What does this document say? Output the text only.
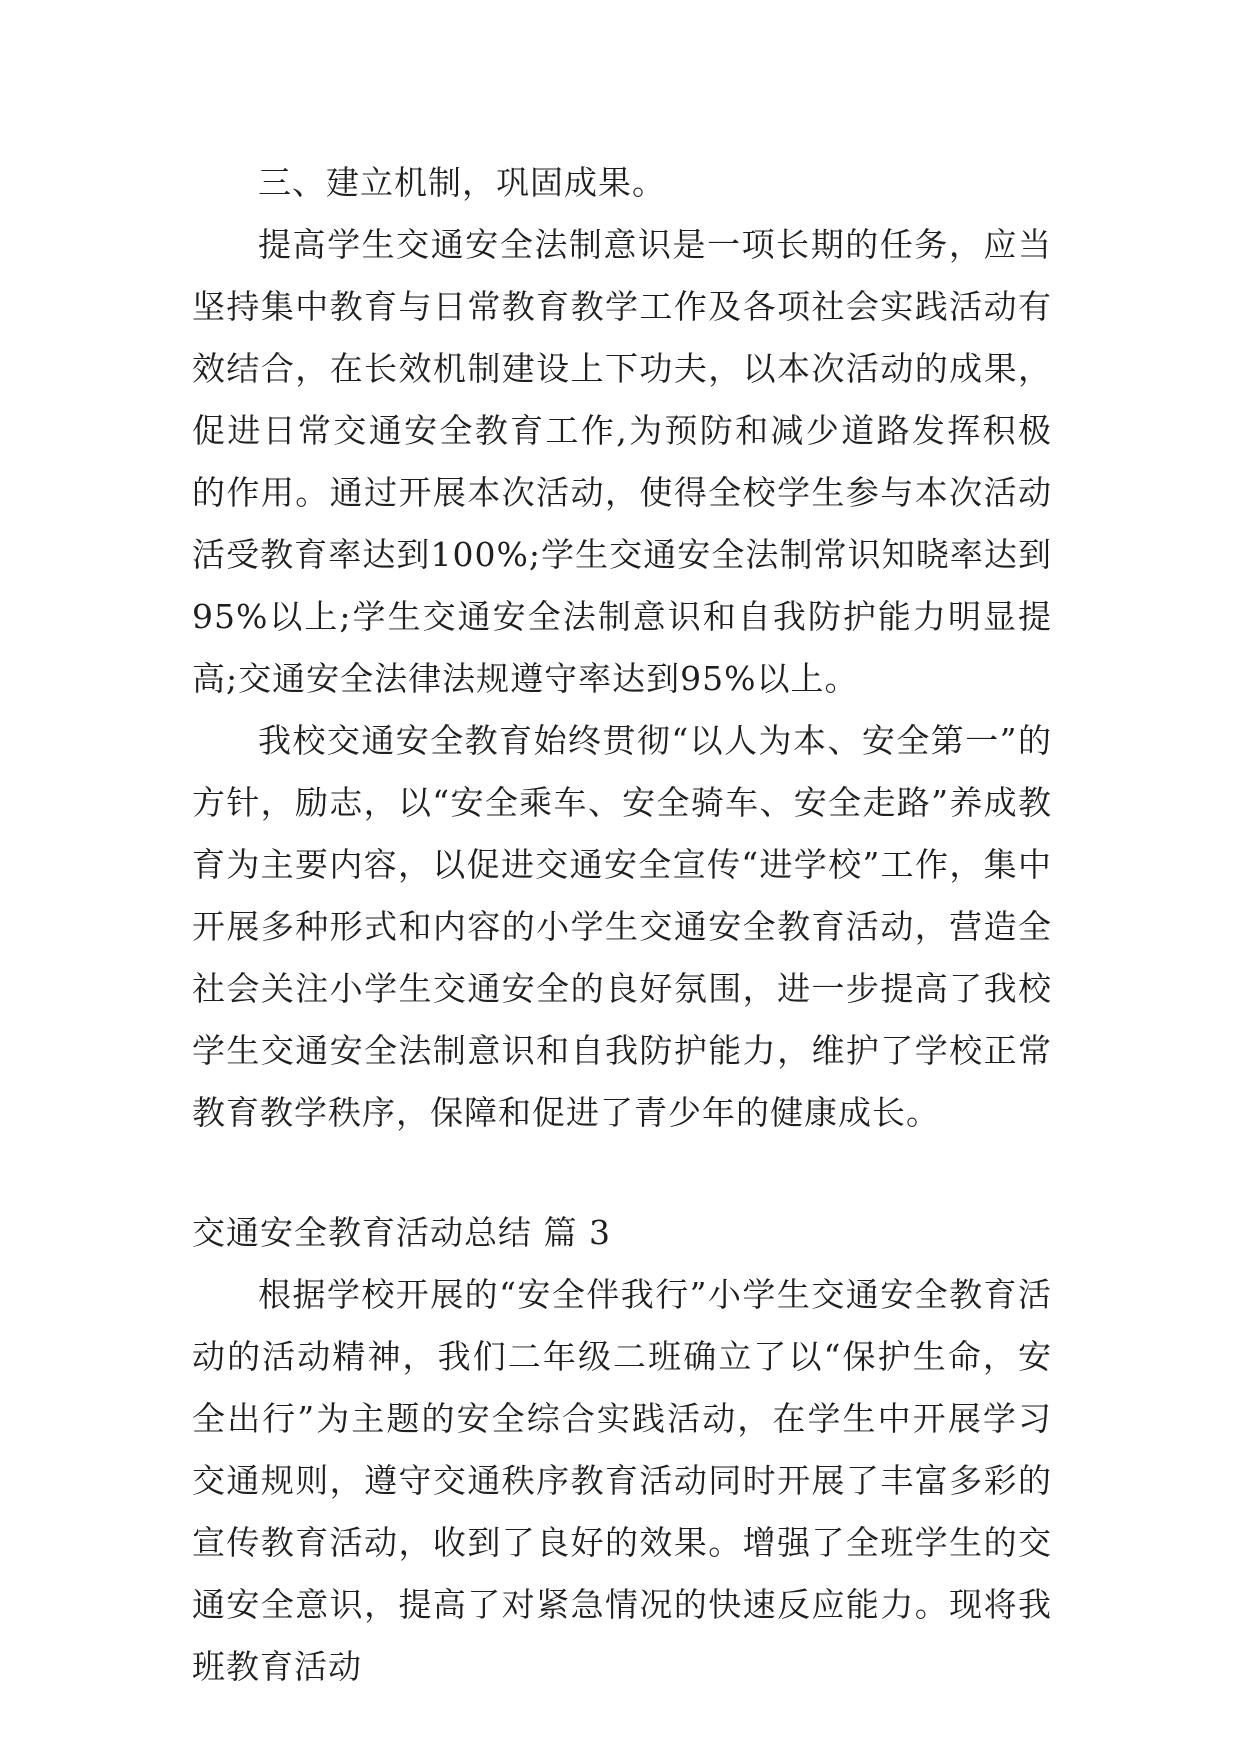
三、建立机制，巩固成果。

提高学生交通安全法制意识是一项长期的任务，应当坚持集中教育与日常教育教学工作及各项社会实践活动有效结合，在长效机制建设上下功夫，以本次活动的成果，促进日常交通安全教育工作,为预防和减少道路发挥积极的作用。通过开展本次活动，使得全校学生参与本次活动活受教育率达到100%;学生交通安全法制常识知晓率达到95%以上;学生交通安全法制意识和自我防护能力明显提高;交通安全法律法规遵守率达到95%以上。

我校交通安全教育始终贯彻“以人为本、安全第一”的方针，励志，以“安全乘车、安全骑车、安全走路”养成教育为主要内容，以促进交通安全宣传“进学校”工作，集中开展多种形式和内容的小学生交通安全教育活动，营造全社会关注小学生交通安全的良好氛围，进一步提高了我校学生交通安全法制意识和自我防护能力，维护了学校正常教育教学秩序，保障和促进了青少年的健康成长。

交通安全教育活动总结 篇 3

根据学校开展的“安全伴我行”小学生交通安全教育活动的活动精神，我们二年级二班确立了以“保护生命，安全出行”为主题的安全综合实践活动，在学生中开展学习交通规则，遵守交通秩序教育活动同时开展了丰富多彩的宣传教育活动，收到了良好的效果。增强了全班学生的交通安全意识，提高了对紧急情况的快速反应能力。现将我班教育活动
